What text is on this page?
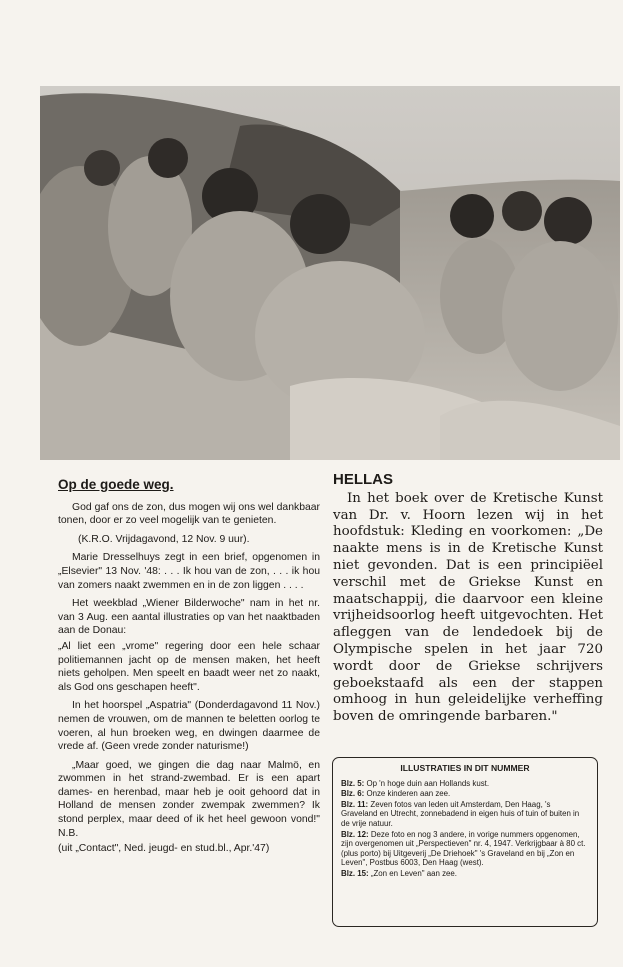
Op de goede weg.

God gaf ons de zon, dus mogen wij ons wel dankbaar tonen, door er zo veel mogelijk van te genieten.

(K.R.O. Vrijdagavond, 12 Nov. 9 uur).

Marie Dresselhuys zegt in een brief, opgenomen in „Elsevier" 13 Nov. '48: . . . Ik hou van de zon, . . . ik hou van zomers naakt zwemmen en in de zon liggen . . . .

Het weekblad „Wiener Bilderwoche" nam in het nr. van 3 Aug. een aantal illustraties op van het naaktbaden aan de Donau:

„Al liet een „vrome" regering door een hele schaar politiemannen jacht op de mensen maken, het heeft niets geholpen. Men speelt en baadt weer net zo naakt, als God ons geschapen heeft".

In het hoorspel „Aspatria" (Donderdagavond 11 Nov.) nemen de vrouwen, om de mannen te beletten oorlog te voeren, al hun broeken weg, en dwingen daarmee de vrede af. (Geen vrede zonder naturisme!)

„Maar goed, we gingen die dag naar Malmö, en zwommen in het strand-zwembad. Er is een apart dames- en herenbad, maar heb je ooit gehoord dat in Holland de mensen zonder zwempak zwemmen? Ik stond perplex, maar deed of ik het heel gewoon vond!" N.B.

(uit „Contact", Ned. jeugd- en stud.bl., Apr.'47)

HELLAS

In het boek over de Kretische Kunst van Dr. v. Hoorn lezen wij in het hoofdstuk: Kleding en voorkomen: „De naakte mens is in de Kretische Kunst niet gevonden. Dat is een principiëel verschil met de Griekse Kunst en maatschappij, die daarvoor een kleine vrijheidsoorlog heeft uitgevochten. Het afleggen van de lendedoek bij de Olympische spelen in het jaar 720 wordt door de Griekse schrijvers geboekstaafd als een der stappen omhoog in hun geleidelijke verheffing boven de omringende barbaren."

ILLUSTRATIES IN DIT NUMMER
Blz. 5: Op 'n hoge duin aan Hollands kust.
Blz. 6: Onze kinderen aan zee.
Blz. 11: Zeven fotos van leden uit Amsterdam, Den Haag, 's Graveland en Utrecht, zonnebadend in eigen huis of tuin of buiten in de vrije natuur.
Blz. 12: Deze foto en nog 3 andere, in vorige nummers opgenomen, zijn overgenomen uit „Perspectieven" nr. 4, 1947. Verkrijgbaar à 80 ct. (plus porto) bij Uitgeverij „De Driehoek" 's Graveland en bij „Zon en Leven", Postbus 6003, Den Haag (west).
Blz. 15: „Zon en Leven" aan zee.
